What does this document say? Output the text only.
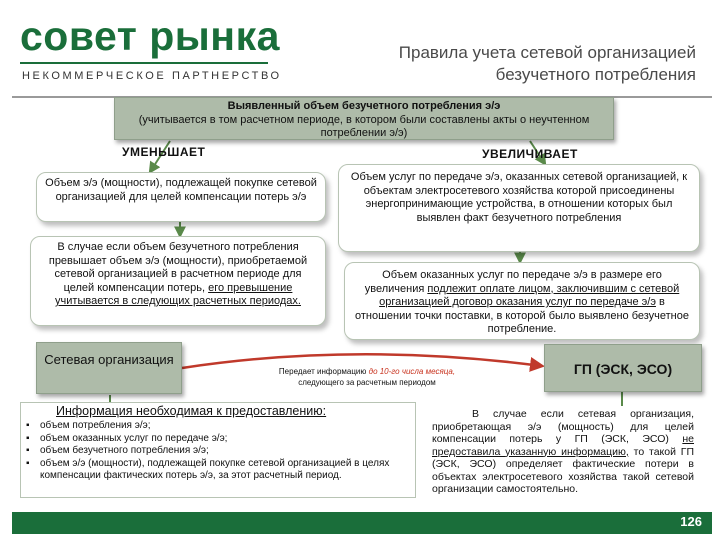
совет рынка
НЕКОММЕРЧЕСКОЕ ПАРТНЕРСТВО
Правила учета сетевой организацией безучетного потребления
Выявленный объем безучетного потребления э/э
(учитывается в том расчетном периоде, в котором были составлены акты о неучтенном потреблении э/э)
УМЕНЬШАЕТ	УВЕЛИЧИВАЕТ
Объем э/э (мощности), подлежащей покупке сетевой организацией для целей компенсации потерь э/э
В случае если объем безучетного потребления превышает объем э/э (мощности), приобретаемой сетевой организацией в расчетном периоде для целей компенсации потерь, его превышение учитывается в следующих расчетных периодах.
Объем услуг по передаче э/э, оказанных сетевой организацией, к объектам электросетевого хозяйства которой присоединены энергопринимающие устройства, в отношении которых был выявлен факт безучетного потребления
Объем оказанных услуг по передаче э/э в размере его увеличения подлежит оплате лицом, заключившим с сетевой организацией договор оказания услуг по передаче э/э в отношении точки поставки, в которой было выявлено безучетное потребление.
Сетевая организация
ГП (ЭСК, ЭСО)
Передает информацию до 10-го числа месяца,
следующего за расчетным периодом
Информация необходимая к предоставлению:
▪ объем потребления э/э;
▪ объем оказанных услуг по передаче э/э;
▪ объем безучетного потребления э/э;
▪ объем э/э (мощности), подлежащей покупке сетевой организацией в целях компенсации фактических потерь э/э, за этот расчетный период.
В случае если сетевая организация, приобретающая э/э (мощность) для целей компенсации потерь у ГП (ЭСК, ЭСО) не предоставила указанную информацию, то такой ГП (ЭСК, ЭСО) определяет фактические потери в объектах электросетевого хозяйства такой сетевой организации самостоятельно.
126
